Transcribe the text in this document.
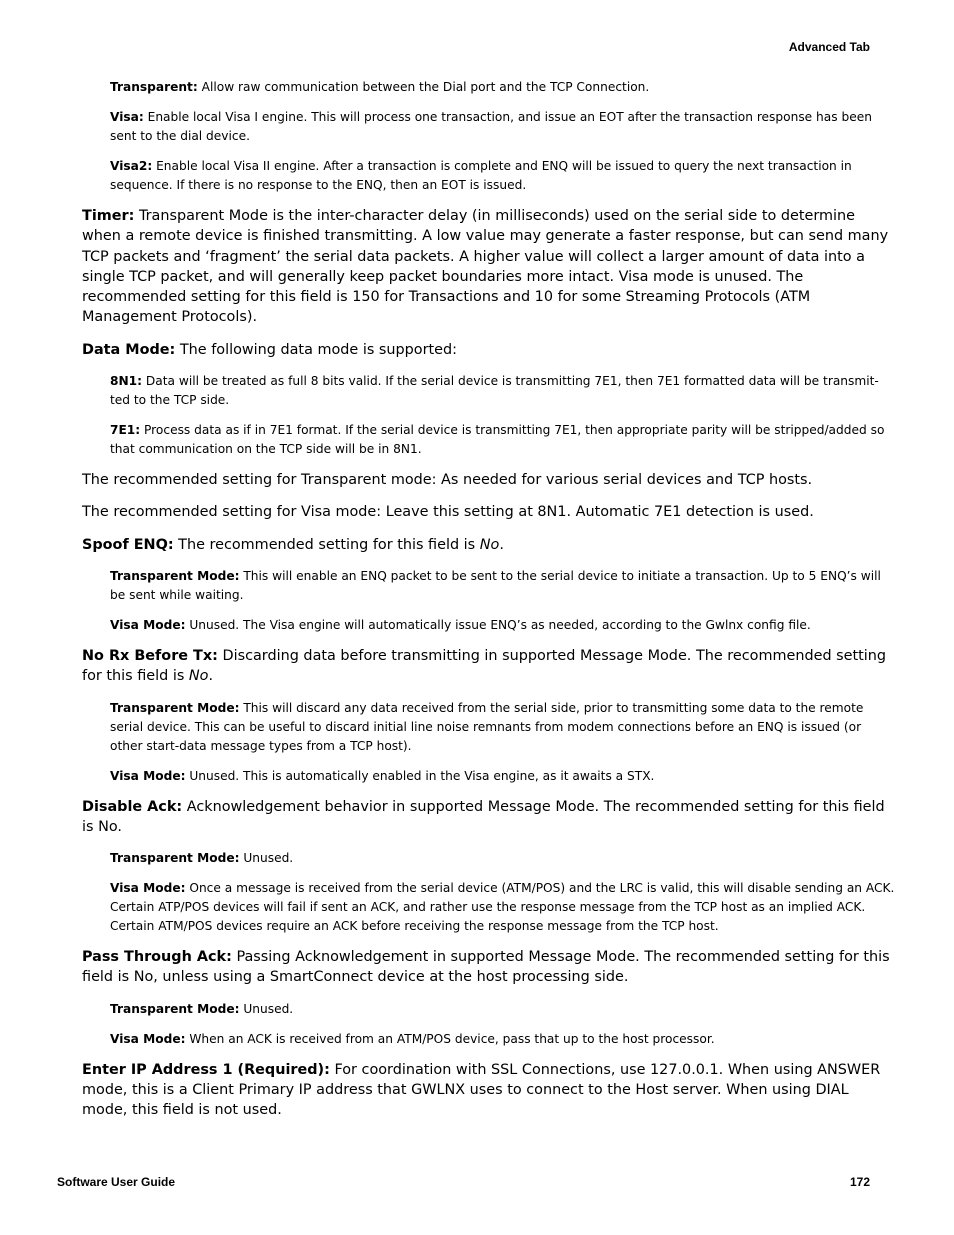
Advanced Tab

Transparent: Allow raw communication between the Dial port and the TCP Connection.

Visa: Enable local Visa I engine. This will process one transaction, and issue an EOT after the transaction response has been sent to the dial device.

Visa2: Enable local Visa II engine. After a transaction is complete and ENQ will be issued to query the next transaction in sequence. If there is no response to the ENQ, then an EOT is issued.

Timer: Transparent Mode is the inter-character delay (in milliseconds) used on the serial side to determine when a remote device is finished transmitting. A low value may generate a faster response, but can send many TCP packets and ‘fragment’ the serial data packets. A higher value will collect a larger amount of data into a single TCP packet, and will generally keep packet boundaries more intact. Visa mode is unused. The recommended setting for this field is 150 for Transactions and 10 for some Streaming Protocols (ATM Management Protocols).

Data Mode: The following data mode is supported:

8N1: Data will be treated as full 8 bits valid. If the serial device is transmitting 7E1, then 7E1 formatted data will be transmit-ted to the TCP side.

7E1: Process data as if in 7E1 format. If the serial device is transmitting 7E1, then appropriate parity will be stripped/added so that communication on the TCP side will be in 8N1.

The recommended setting for Transparent mode: As needed for various serial devices and TCP hosts.

The recommended setting for Visa mode: Leave this setting at 8N1. Automatic 7E1 detection is used.

Spoof ENQ: The recommended setting for this field is No.

Transparent Mode: This will enable an ENQ packet to be sent to the serial device to initiate a transaction. Up to 5 ENQ’s will be sent while waiting.

Visa Mode: Unused. The Visa engine will automatically issue ENQ’s as needed, according to the Gwlnx config file.

No Rx Before Tx: Discarding data before transmitting in supported Message Mode. The recommended setting for this field is No.

Transparent Mode: This will discard any data received from the serial side, prior to transmitting some data to the remote serial device. This can be useful to discard initial line noise remnants from modem connections before an ENQ is issued (or other start-data message types from a TCP host).

Visa Mode: Unused. This is automatically enabled in the Visa engine, as it awaits a STX.

Disable Ack: Acknowledgement behavior in supported Message Mode. The recommended setting for this field is No.

Transparent Mode: Unused.

Visa Mode: Once a message is received from the serial device (ATM/POS) and the LRC is valid, this will disable sending an ACK. Certain ATP/POS devices will fail if sent an ACK, and rather use the response message from the TCP host as an implied ACK. Certain ATM/POS devices require an ACK before receiving the response message from the TCP host.

Pass Through Ack: Passing Acknowledgement in supported Message Mode. The recommended setting for this field is No, unless using a SmartConnect device at the host processing side.

Transparent Mode: Unused.

Visa Mode: When an ACK is received from an ATM/POS device, pass that up to the host processor.

Enter IP Address 1 (Required): For coordination with SSL Connections, use 127.0.0.1. When using ANSWER mode, this is a Client Primary IP address that GWLNX uses to connect to the Host server. When using DIAL mode, this field is not used.

Software User Guide	172
